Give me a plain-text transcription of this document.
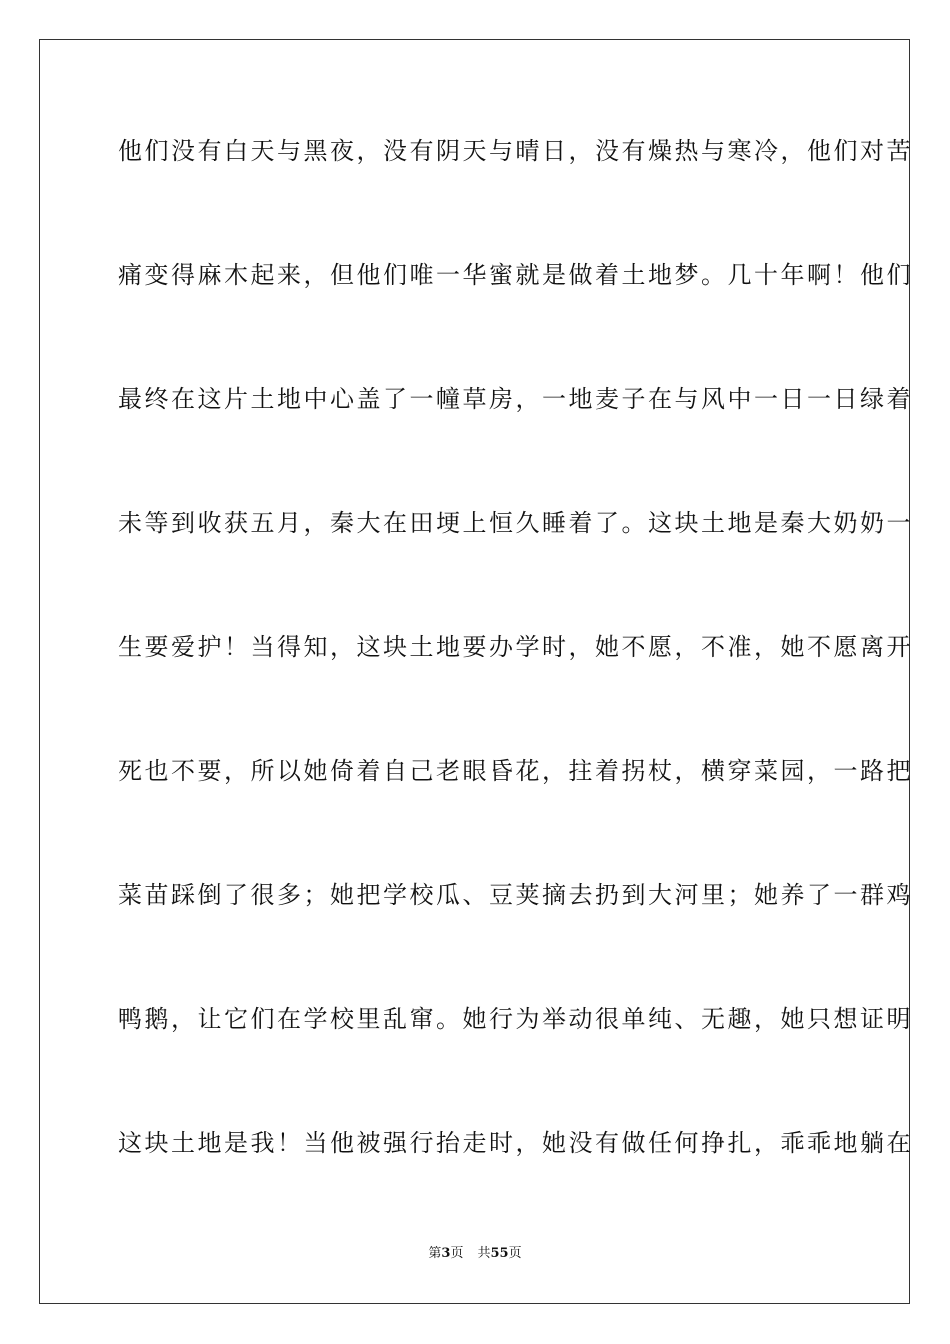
他们没有白天与黑夜，没有阴天与晴日，没有燥热与寒冷，他们对苦
痛变得麻木起来，但他们唯一华蜜就是做着土地梦。几十年啊！他们
最终在这片土地中心盖了一幢草房，一地麦子在与风中一日一日绿着
未等到收获五月，秦大在田埂上恒久睡着了。这块土地是秦大奶奶一
生要爱护！当得知，这块土地要办学时，她不愿，不准，她不愿离开
死也不要，所以她倚着自己老眼昏花，拄着拐杖，横穿菜园，一路把
菜苗踩倒了很多；她把学校瓜、豆荚摘去扔到大河里；她养了一群鸡
鸭鹅，让它们在学校里乱窜。她行为举动很单纯、无趣，她只想证明
这块土地是我！当他被强行抬走时，她没有做任何挣扎，乖乖地躺在
第3页 共55页
